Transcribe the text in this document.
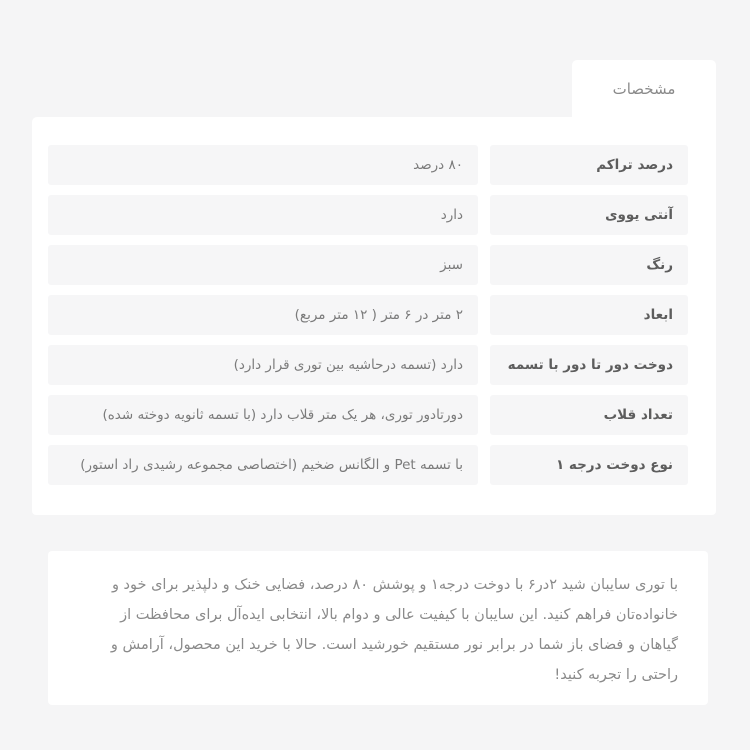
مشخصات
درصد تراکم
۸۰ درصد
آنتی یووی
دارد
رنگ
سبز
ابعاد
۲ متر در ۶ متر ( ۱۲ متر مربع)
دوخت دور تا دور با تسمه
دارد (تسمه درحاشیه بین توری قرار دارد)
تعداد قلاب
دورتادور توری، هر یک متر قلاب دارد (با تسمه ثانویه دوخته شده)
نوع دوخت درجه ۱
با تسمه Pet و الگانس ضخیم (اختصاصی مجموعه رشیدی راد استور)

با توری سایبان شید ۲در۶ با دوخت درجه۱ و پوشش ۸۰ درصد، فضایی خنک و دلپذیر برای خود و خانواده‌تان فراهم کنید. این سایبان با کیفیت عالی و دوام بالا، انتخابی ایده‌آل برای محافظت از گیاهان و فضای باز شما در برابر نور مستقیم خورشید است. حالا با خرید این محصول، آرامش و راحتی را تجربه کنید!
